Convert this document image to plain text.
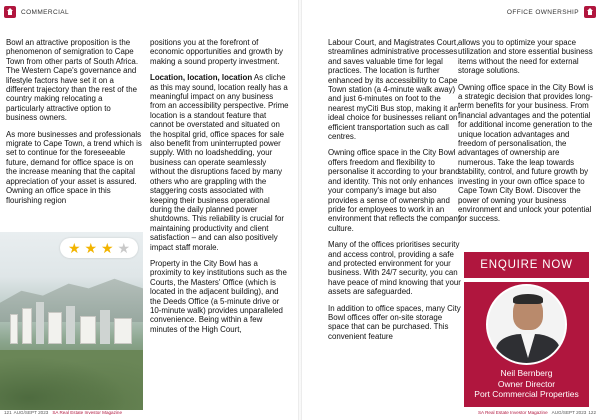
COMMERCIAL	OFFICE OWNERSHIP

Bowl an attractive proposition is the phenomenon of semigration to Cape Town from other parts of South Africa. The Western Cape's governance and lifestyle factors have set it on a different trajectory than the rest of the country making relocating a particularly attractive option to business owners.

As more businesses and professionals migrate to Cape Town, a trend which is set to continue for the foreseeable future, demand for office space is on the increase meaning that the capital appreciation of your asset is assured. Owning an office space in this flourishing region

positions you at the forefront of economic opportunities and growth by making a sound property investment.

Location, location, location As cliche as this may sound, location really has a meaningful impact on any business from an accessibility perspective. Prime location is a standout feature that cannot be overstated and situated on the hospital grid, office spaces for sale also benefit from uninterrupted power supply. With no loadshedding, your business can operate seamlessly without the disruptions faced by many others who are grappling with the staggering costs associated with keeping their business operational during the daily planned power shutdowns. This reliability is crucial for maintaining productivity and client satisfaction – and can also positively impact staff morale.

Property in the City Bowl has a proximity to key institutions such as the Courts, the Masters' Office (which is located in the adjacent building), and the Deeds Office (a 5-minute drive or 10-minute walk) provides unparalleled convenience. Being within a few minutes of the High Court,

Labour Court, and Magistrates Court, streamlines administrative processes and saves valuable time for legal practices. The location is further enhanced by its accessibility to Cape Town station (a 4-minute walk away) and just 6-minutes on foot to the nearest myCiti Bus stop, making it an ideal choice for businesses reliant on efficient transportation such as call centres.

Owning office space in the City Bowl offers freedom and flexibility to personalise it according to your brand and identity. This not only enhances your company's image but also provides a sense of ownership and pride for employees to work in an environment that reflects the company culture.

Many of the offices prioritises security and access control, providing a safe and protected environment for your business. With 24/7 security, you can have peace of mind knowing that your assets are safeguarded.

In addition to office spaces, many City Bowl offices offer on-site storage space that can be purchased. This convenient feature

allows you to optimize your space utilization and store essential business items without the need for external storage solutions.

Owning office space in the City Bowl is a strategic decision that provides long-term benefits for your business. From financial advantages and the potential for additional income generation to the unique location advantages and freedom of personalisation, the advantages of ownership are numerous. Take the leap towards stability, control, and future growth by investing in your own office space to Cape Town City Bowl. Discover the power of owning your business environment and unlock your potential for success.

★ ★ ★ ★
ENQUIRE NOW
Neil Bernberg
Owner Director
Port Commercial Properties
121 AUG/SEPT 2023 SA Real Estate Investor Magazine	SA Real Estate Investor Magazine AUG/SEPT 2023 122
